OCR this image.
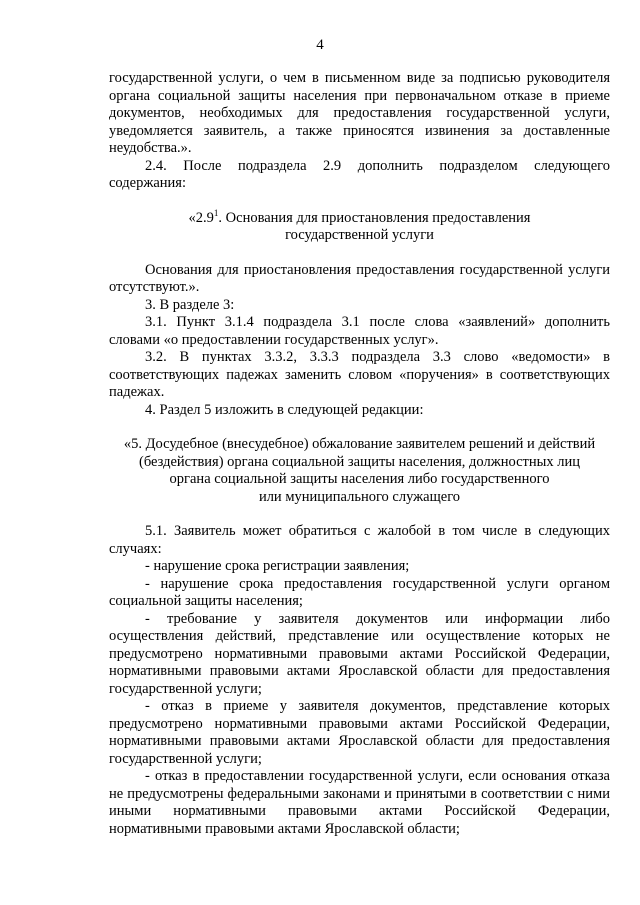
4

государственной услуги, о чем в письменном виде за подписью руководителя органа социальной защиты населения при первоначальном отказе в приеме документов, необходимых для предоставления государственной услуги, уведомляется заявитель, а также приносятся извинения за доставленные неудобства.».

2.4. После подраздела 2.9 дополнить подразделом следующего содержания:

«$2.9^1$. Основания для приостановления предоставления
государственной услуги

Основания для приостановления предоставления государственной услуги отсутствуют.».

3. В разделе 3:

3.1. Пункт 3.1.4 подраздела 3.1 после слова «заявлений» дополнить словами «о предоставлении государственных услуг».

3.2. В пунктах 3.3.2, 3.3.3 подраздела 3.3 слово «ведомости» в соответствующих падежах заменить словом «поручения» в соответствующих падежах.

4. Раздел 5 изложить в следующей редакции:

«5. Досудебное (внесудебное) обжалование заявителем решений и действий
(бездействия) органа социальной защиты населения, должностных лиц
органа социальной защиты населения либо государственного
или муниципального служащего

5.1. Заявитель может обратиться с жалобой в том числе в следующих случаях:

- нарушение срока регистрации заявления;

- нарушение срока предоставления государственной услуги органом социальной защиты населения;

- требование у заявителя документов или информации либо осуществления действий, представление или осуществление которых не предусмотрено нормативными правовыми актами Российской Федерации, нормативными правовыми актами Ярославской области для предоставления государственной услуги;

- отказ в приеме у заявителя документов, представление которых предусмотрено нормативными правовыми актами Российской Федерации, нормативными правовыми актами Ярославской области для предоставления государственной услуги;

- отказ в предоставлении государственной услуги, если основания отказа не предусмотрены федеральными законами и принятыми в соответствии с ними иными нормативными правовыми актами Российской Федерации, нормативными правовыми актами Ярославской области;
